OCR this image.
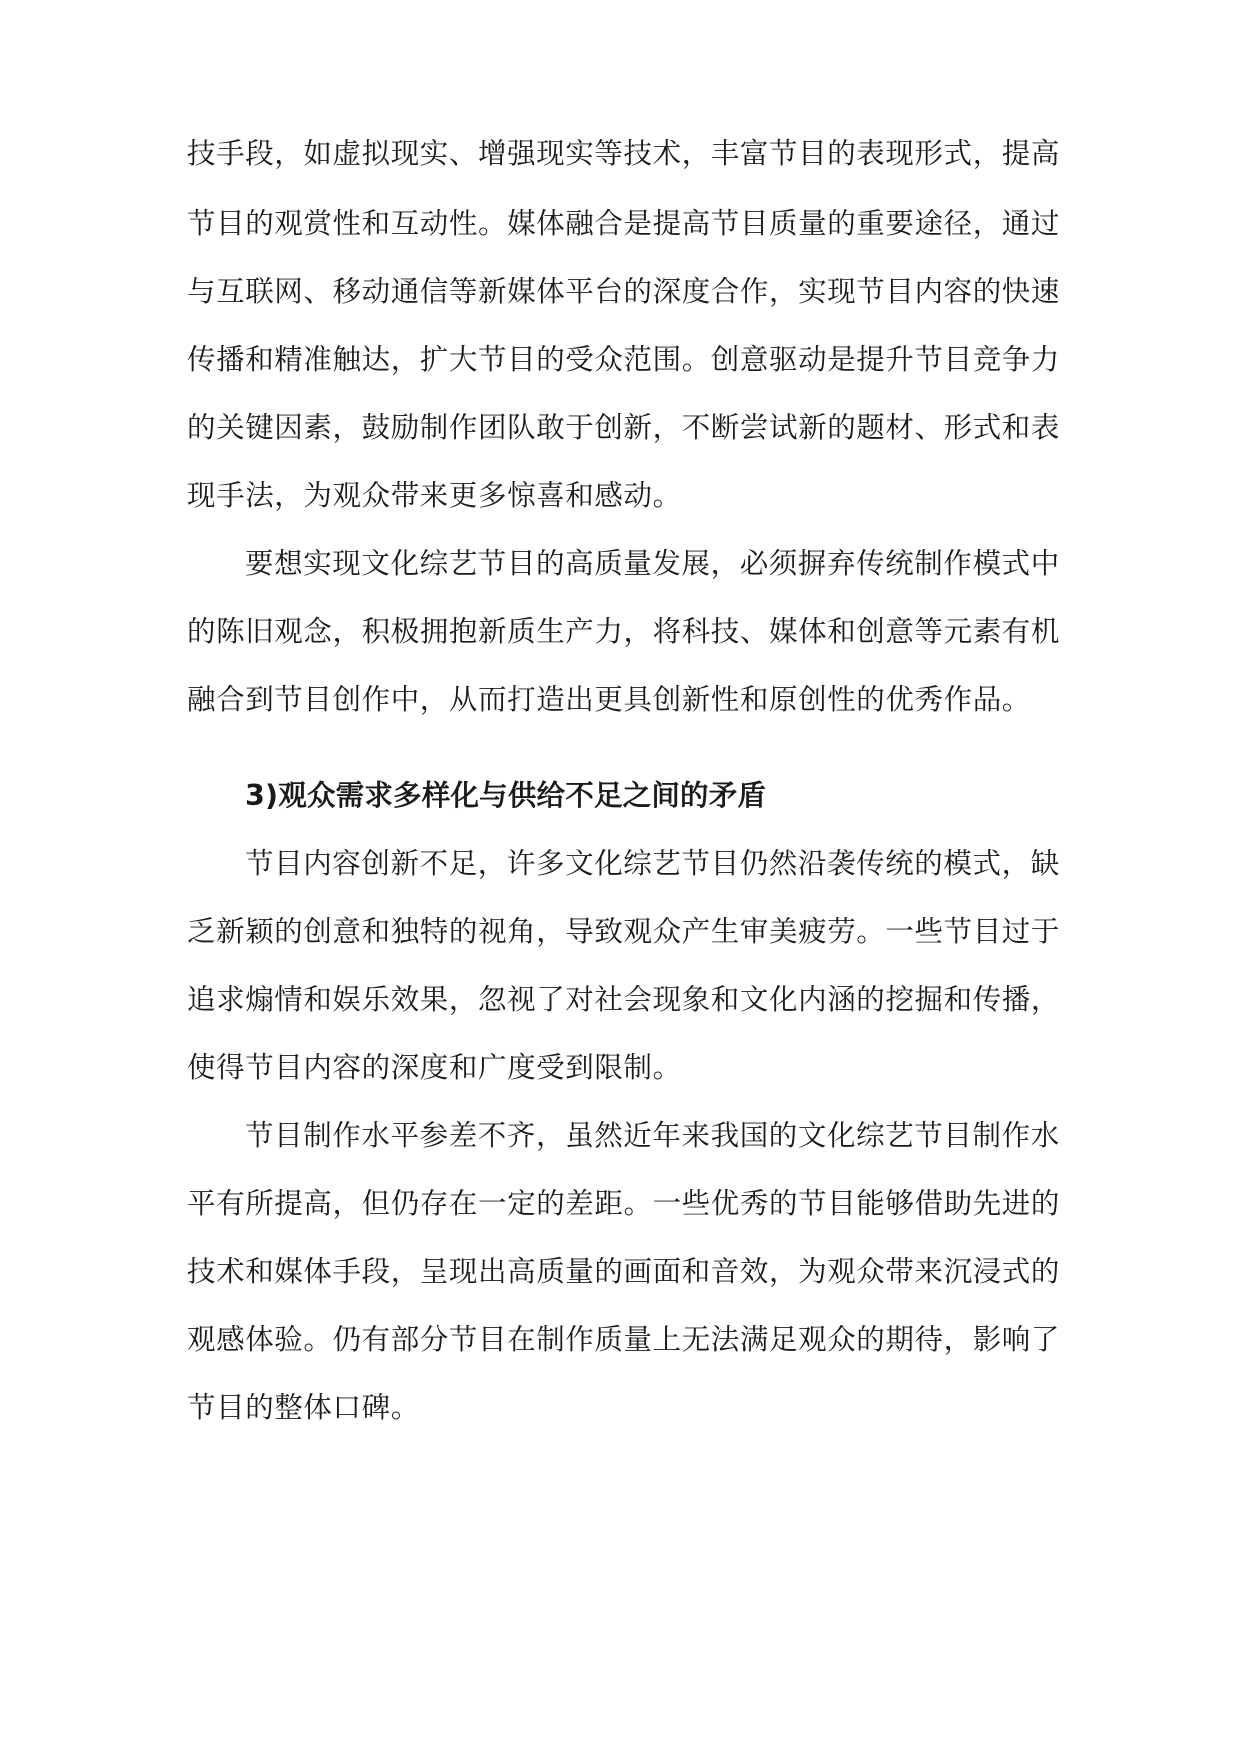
技手段，如虚拟现实、增强现实等技术，丰富节目的表现形式，提高
节目的观赏性和互动性。媒体融合是提高节目质量的重要途径，通过
与互联网、移动通信等新媒体平台的深度合作，实现节目内容的快速
传播和精准触达，扩大节目的受众范围。创意驱动是提升节目竞争力
的关键因素，鼓励制作团队敢于创新，不断尝试新的题材、形式和表
现手法，为观众带来更多惊喜和感动。
要想实现文化综艺节目的高质量发展，必须摒弃传统制作模式中
的陈旧观念，积极拥抱新质生产力，将科技、媒体和创意等元素有机
融合到节目创作中，从而打造出更具创新性和原创性的优秀作品。
3)观众需求多样化与供给不足之间的矛盾
节目内容创新不足，许多文化综艺节目仍然沿袭传统的模式，缺
乏新颖的创意和独特的视角，导致观众产生审美疲劳。一些节目过于
追求煽情和娱乐效果，忽视了对社会现象和文化内涵的挖掘和传播，
使得节目内容的深度和广度受到限制。
节目制作水平参差不齐，虽然近年来我国的文化综艺节目制作水
平有所提高，但仍存在一定的差距。一些优秀的节目能够借助先进的
技术和媒体手段，呈现出高质量的画面和音效，为观众带来沉浸式的
观感体验。仍有部分节目在制作质量上无法满足观众的期待，影响了
节目的整体口碑。
